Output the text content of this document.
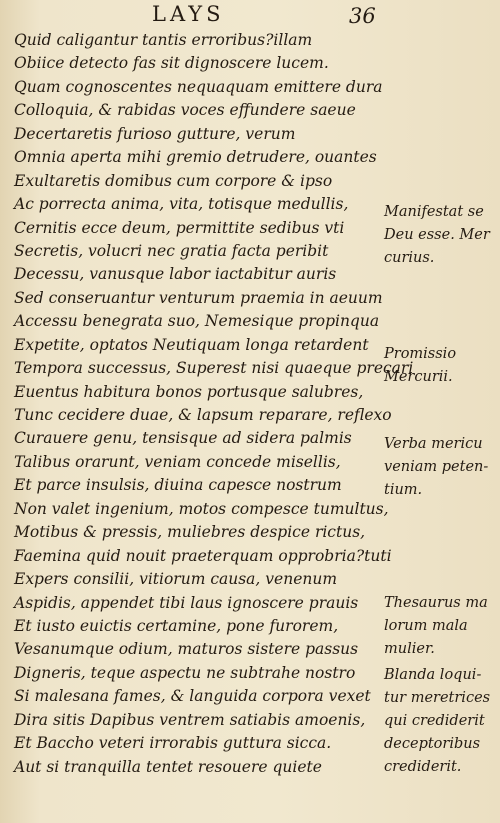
LAYS	36
Quid caligantur tantis erroribus?illam
Obiice detecto fas sit dignoscere lucem.
Quam cognoscentes nequaquam emittere dura
Colloquia, & rabidas voces effundere saeue
Decertaretis furioso gutture, verum
Omnia aperta mihi gremio detrudere, ouantes
Exultaretis domibus cum corpore & ipso
Ac porrecta anima, vita, totisque medullis,
Cernitis ecce deum, permittite sedibus vti
Secretis, volucri nec gratia facta peribit
Decessu, vanusque labor iactabitur auris
Sed conseruantur venturum praemia in aeuum
Accessu benegrata suo, Nemesique propinqua
Expetite, optatos Neutiquam longa retardent
Tempora successus, Superest nisi quaeque precari
Euentus habitura bonos portusque salubres,
Tunc cecidere duae, & lapsum reparare, reflexo
Curauere genu, tensisque ad sidera palmis
Talibus orarunt, veniam concede misellis,
Et parce insulsis, diuina capesce nostrum
Non valet ingenium, motos compesce tumultus,
Motibus & pressis, muliebres despice rictus,
Faemina quid nouit praeterquam opprobria?tuti
Expers consilii, vitiorum causa, venenum
Aspidis, appendet tibi laus ignoscere prauis
Et iusto euictis certamine, pone furorem,
Vesanumque odium, maturos sistere passus
Digneris, teque aspectu ne subtrahe nostro
Si malesana fames, & languida corpora vexet
Dira sitis Dapibus ventrem satiabis amoenis,
Et Baccho veteri irrorabis guttura sicca.
Aut si tranquilla tentet resouere quiete
Manifestat se
Deu esse. Mer
curius.
Promissio
Mercurii.
Verba mericu
veniam peten-
tium.
Thesaurus ma
lorum mala
mulier.
Blanda loqui-
tur meretrices
qui crediderit
deceptoribus
crediderit.
